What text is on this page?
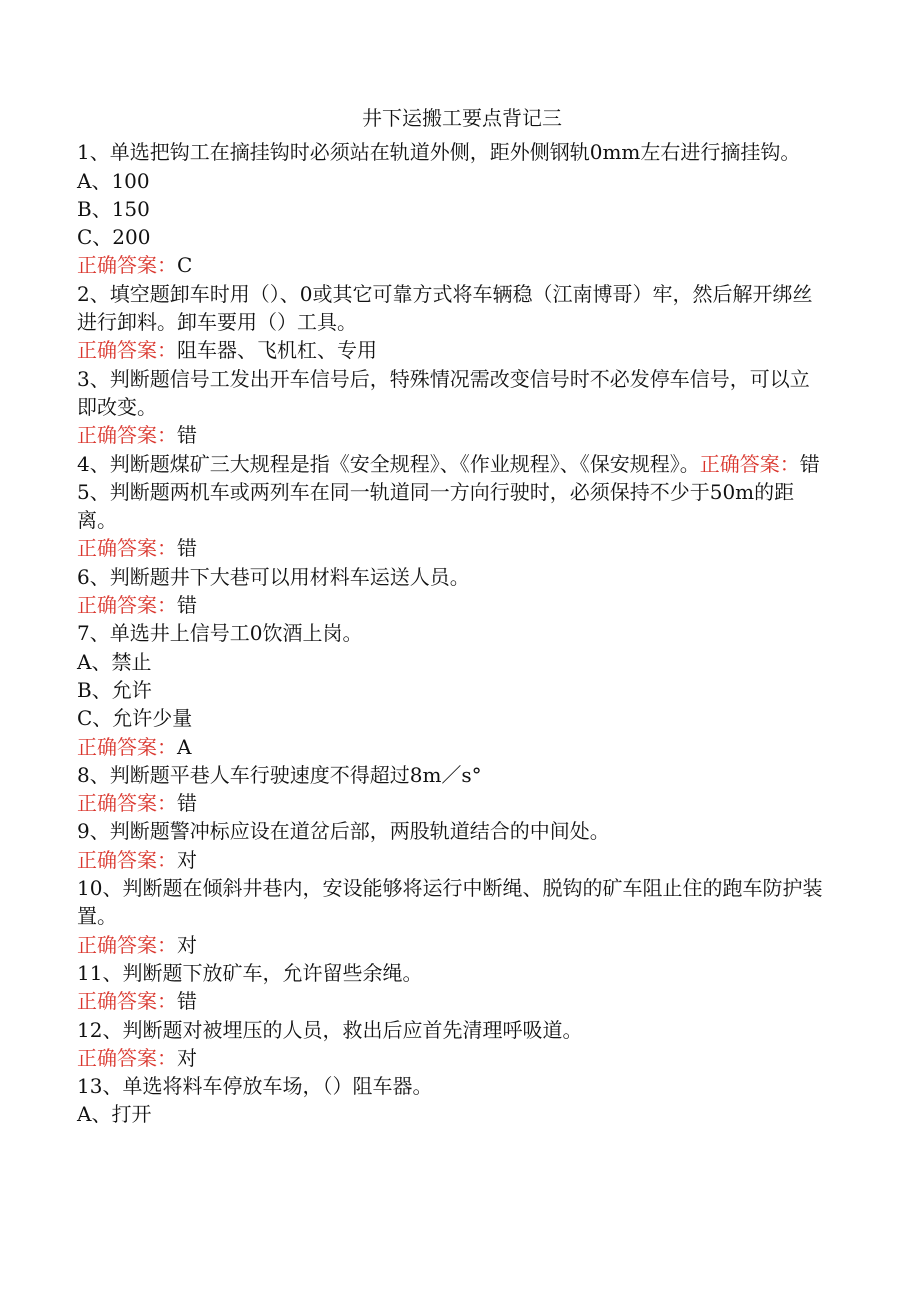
井下运搬工要点背记三
1、单选把钩工在摘挂钩时必须站在轨道外侧，距外侧钢轨0mm左右进行摘挂钩。
A、100
B、150
C、200
正确答案：C
2、填空题卸车时用（）、0或其它可靠方式将车辆稳（江南博哥）牢，然后解开绑丝进行卸料。卸车要用（）工具。
正确答案：阻车器、飞机杠、专用
3、判断题信号工发出开车信号后，特殊情况需改变信号时不必发停车信号，可以立即改变。
正确答案：错
4、判断题煤矿三大规程是指《安全规程》、《作业规程》、《保安规程》。正确答案：错
5、判断题两机车或两列车在同一轨道同一方向行驶时，必须保持不少于50m的距离。
正确答案：错
6、判断题井下大巷可以用材料车运送人员。
正确答案：错
7、单选井上信号工0饮酒上岗。
A、禁止
B、允许
C、允许少量
正确答案：A
8、判断题平巷人车行驶速度不得超过8m／s°
正确答案：错
9、判断题警冲标应设在道岔后部，两股轨道结合的中间处。
正确答案：对
10、判断题在倾斜井巷内，安设能够将运行中断绳、脱钩的矿车阻止住的跑车防护装置。
正确答案：对
11、判断题下放矿车，允许留些余绳。
正确答案：错
12、判断题对被埋压的人员，救出后应首先清理呼吸道。
正确答案：对
13、单选将料车停放车场，（）阻车器。
A、打开
